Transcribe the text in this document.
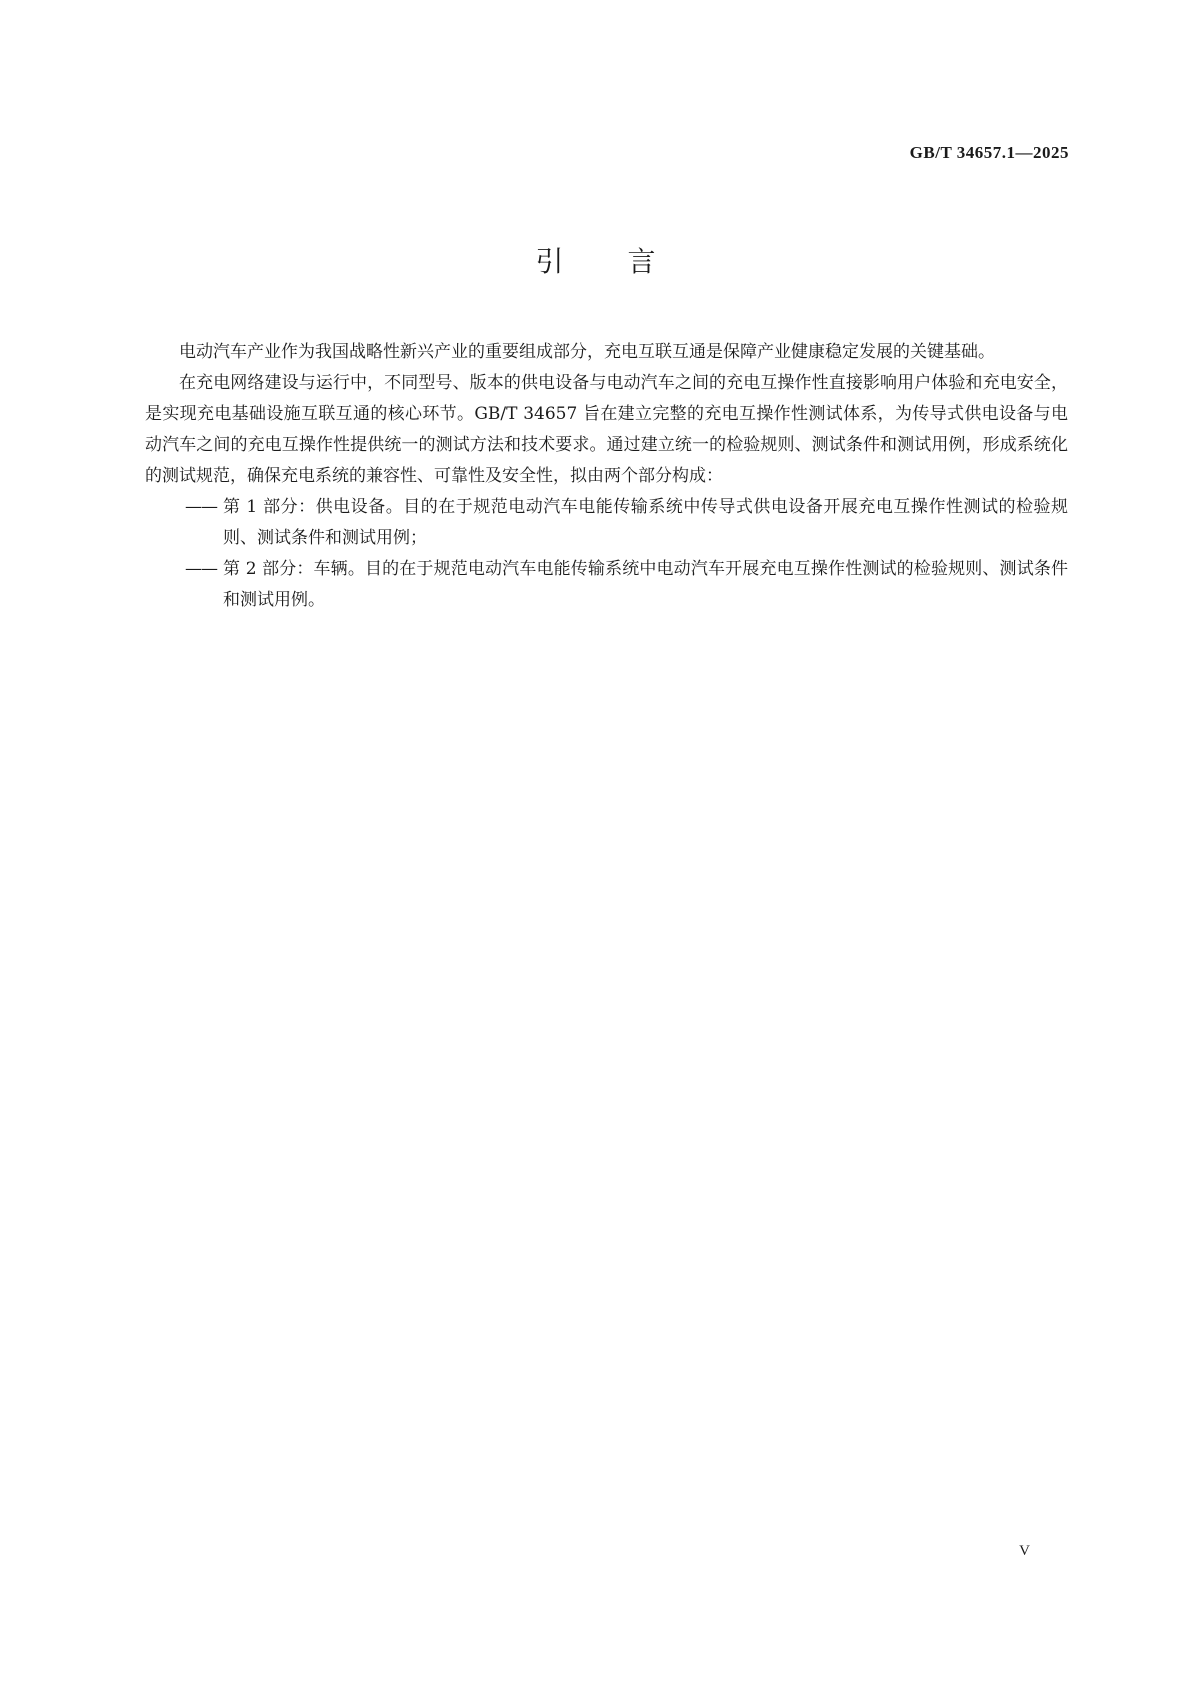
GB/T 34657.1—2025
引言

电动汽车产业作为我国战略性新兴产业的重要组成部分，充电互联互通是保障产业健康稳定发展的关键基础。

在充电网络建设与运行中，不同型号、版本的供电设备与电动汽车之间的充电互操作性直接影响用户体验和充电安全，是实现充电基础设施互联互通的核心环节。GB/T 34657 旨在建立完整的充电互操作性测试体系，为传导式供电设备与电动汽车之间的充电互操作性提供统一的测试方法和技术要求。通过建立统一的检验规则、测试条件和测试用例，形成系统化的测试规范，确保充电系统的兼容性、可靠性及安全性，拟由两个部分构成：

—— 第 1 部分：供电设备。目的在于规范电动汽车电能传输系统中传导式供电设备开展充电互操作性测试的检验规则、测试条件和测试用例；

—— 第 2 部分：车辆。目的在于规范电动汽车电能传输系统中电动汽车开展充电互操作性测试的检验规则、测试条件和测试用例。

V
